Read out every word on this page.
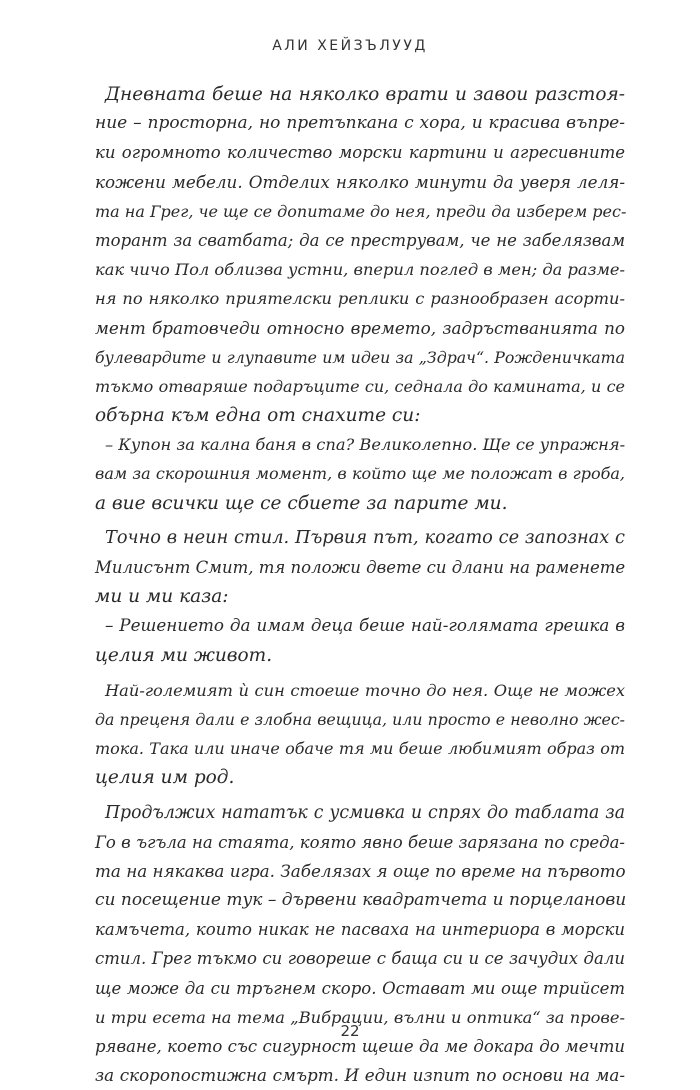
АЛИ ХЕЙЗЪЛУУД
Дневната беше на няколко врати и завои разстоя-
ние – просторна, но претъпкана с хора, и красива въпре-
ки огромното количество морски картини и агресивните
кожени мебели. Отделих няколко минути да уверя леля-
та на Грег, че ще се допитаме до нея, преди да изберем рес-
торант за сватбата; да се преструвам, че не забелязвам
как чичо Пол облизва устни, вперил поглед в мен; да разме-
ня по няколко приятелски реплики с разнообразен асорти-
мент братовчеди относно времето, задръстванията по
булевардите и глупавите им идеи за „Здрач“. Рожденичката
тъкмо отваряше подаръците си, седнала до камината, и се
обърна към една от снахите си:
– Купон за кална баня в спа? Великолепно. Ще се упражня-
вам за скорошния момент, в който ще ме положат в гроба,
а вие всички ще се сбиете за парите ми.
Точно в неин стил. Първия път, когато се запознах с
Милисънт Смит, тя положи двете си длани на раменете
ми и ми каза:
– Решението да имам деца беше най-голямата грешка в
целия ми живот.
Най-големият ѝ син стоеше точно до нея. Още не можех
да преценя дали е злобна вещица, или просто е неволно жес-
тока. Така или иначе обаче тя ми беше любимият образ от
целия им род.
Продължих нататък с усмивка и спрях до таблата за
Го в ъгъла на стаята, която явно беше зарязана по среда-
та на някаква игра. Забелязах я още по време на първото
си посещение тук – дървени квадратчета и порцеланови
камъчета, които никак не пасваха на интериора в морски
стил. Грег тъкмо си говореше с баща си и се зачудих дали
ще може да си тръгнем скоро. Остават ми още трийсет
и три есета на тема „Вибрации, вълни и оптика“ за прове-
ряване, което със сигурност щеше да ме докара до мечти
за скоропостижна смърт. И един изпит по основи на ма-
22
